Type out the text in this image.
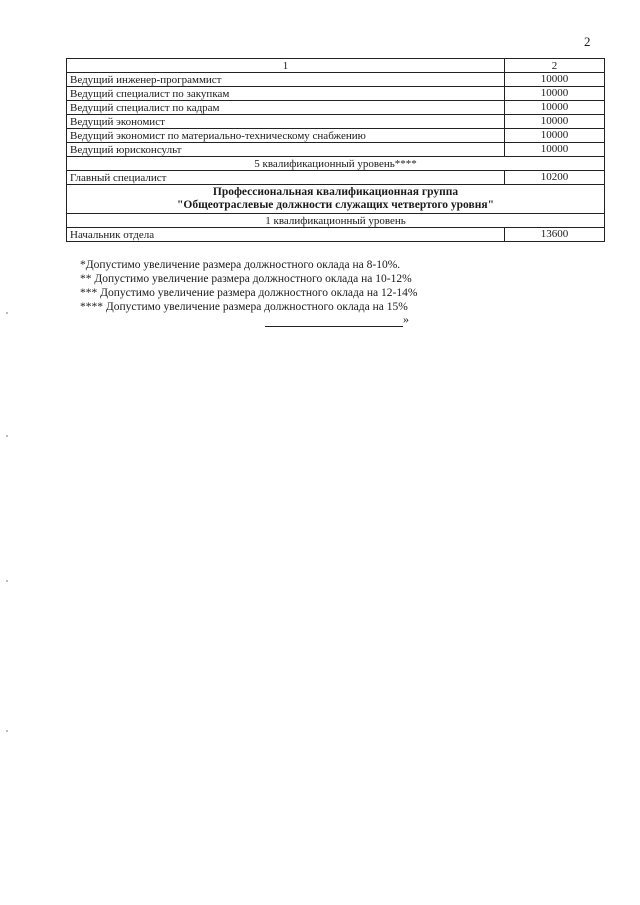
2
1	2
Ведущий инженер-программист	10000
Ведущий специалист по закупкам	10000
Ведущий специалист по кадрам	10000
Ведущий экономист	10000
Ведущий экономист по материально-техническому снабжению	10000
Ведущий юрисконсульт	10000
5 квалификационный уровень****	
Главный специалист	10200

Профессиональная квалификационная группа
"Общеотраслевые должности служащих четвертого уровня"	

1 квалификационный уровень	
Начальник отдела	13600
*Допустимо увеличение размера должностного оклада на 8-10%.
** Допустимо увеличение размера должностного оклада на 10-12%
*** Допустимо увеличение размера должностного оклада на 12-14%
**** Допустимо увеличение размера должностного оклада на 15%
»
